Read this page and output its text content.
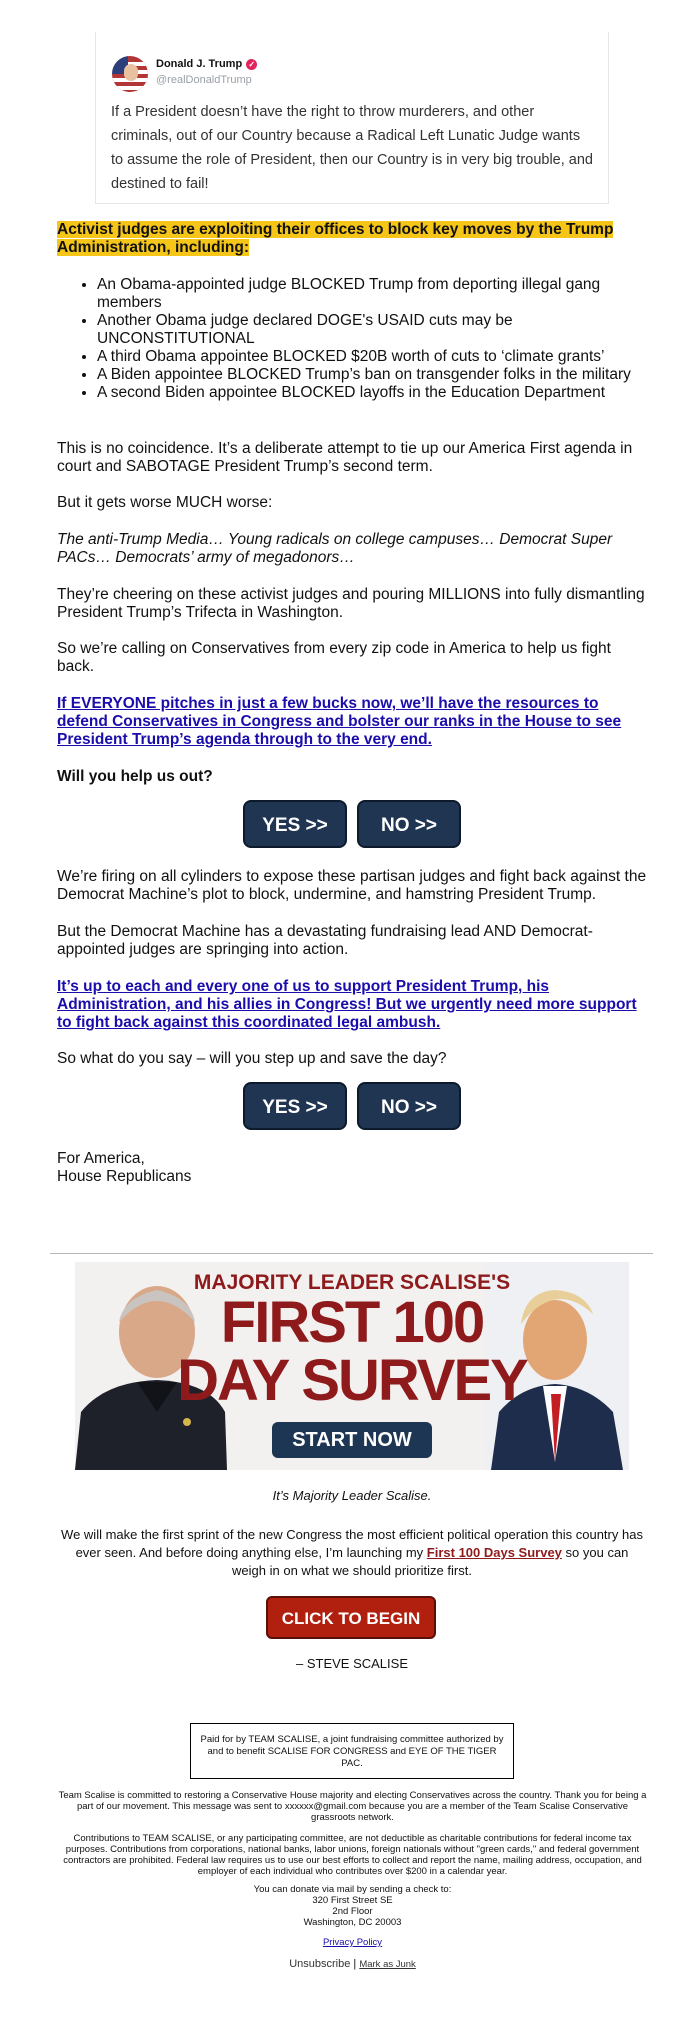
Donald J. Trump ✓
@realDonaldTrump
If a President doesn’t have the right to throw murderers, and other criminals, out of our Country because a Radical Left Lunatic Judge wants to assume the role of President, then our Country is in very big trouble, and destined to fail!
Activist judges are exploiting their offices to block key moves by the Trump Administration, including:
• An Obama-appointed judge BLOCKED Trump from deporting illegal gang members
• Another Obama judge declared DOGE's USAID cuts may be UNCONSTITUTIONAL
• A third Obama appointee BLOCKED $20B worth of cuts to ‘climate grants’
• A Biden appointee BLOCKED Trump’s ban on transgender folks in the military
• A second Biden appointee BLOCKED layoffs in the Education Department
This is no coincidence. It’s a deliberate attempt to tie up our America First agenda in court and SABOTAGE President Trump’s second term.
But it gets worse MUCH worse:
The anti-Trump Media… Young radicals on college campuses… Democrat Super PACs… Democrats’ army of megadonors…
They’re cheering on these activist judges and pouring MILLIONS into fully dismantling President Trump’s Trifecta in Washington.
So we’re calling on Conservatives from every zip code in America to help us fight back.
If EVERYONE pitches in just a few bucks now, we’ll have the resources to defend Conservatives in Congress and bolster our ranks in the House to see President Trump’s agenda through to the very end.
Will you help us out?
YES >>	NO >>
We’re firing on all cylinders to expose these partisan judges and fight back against the Democrat Machine’s plot to block, undermine, and hamstring President Trump.
But the Democrat Machine has a devastating fundraising lead AND Democrat-appointed judges are springing into action.
It’s up to each and every one of us to support President Trump, his Administration, and his allies in Congress! But we urgently need more support to fight back against this coordinated legal ambush.
So what do you say – will you step up and save the day?
YES >>	NO >>
For America,
House Republicans
MAJORITY LEADER SCALISE'S
FIRST 100
DAY SURVEY
START NOW
It’s Majority Leader Scalise.
We will make the first sprint of the new Congress the most efficient political operation this country has ever seen. And before doing anything else, I’m launching my First 100 Days Survey so you can weigh in on what we should prioritize first.
CLICK TO BEGIN
– STEVE SCALISE
Paid for by TEAM SCALISE, a joint fundraising committee authorized by and to benefit SCALISE FOR CONGRESS and EYE OF THE TIGER PAC.
Team Scalise is committed to restoring a Conservative House majority and electing Conservatives across the country. Thank you for being a part of our movement. This message was sent to xxxxxx@gmail.com because you are a member of the Team Scalise Conservative grassroots network.
Contributions to TEAM SCALISE, or any participating committee, are not deductible as charitable contributions for federal income tax purposes. Contributions from corporations, national banks, labor unions, foreign nationals without "green cards," and federal government contractors are prohibited. Federal law requires us to use our best efforts to collect and report the name, mailing address, occupation, and employer of each individual who contributes over $200 in a calendar year.
You can donate via mail by sending a check to:
320 First Street SE
2nd Floor
Washington, DC 20003
Privacy Policy
Unsubscribe | Mark as Junk
